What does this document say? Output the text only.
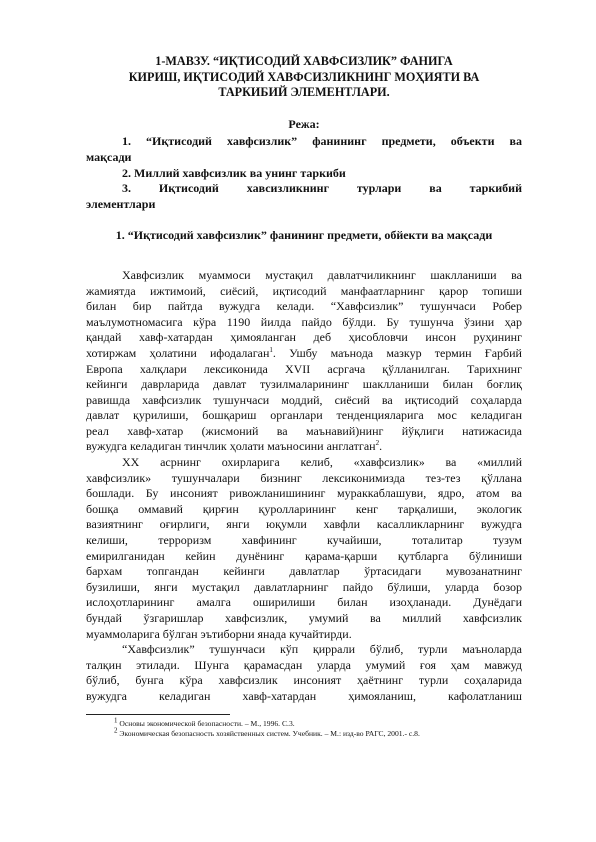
1-МАВЗУ. “ИҚТИСОДИЙ ХАВФСИЗЛИК” ФАНИГА
КИРИШ, ИҚТИСОДИЙ ХАВФСИЗЛИКНИНГ МОҲИЯТИ ВА
ТАРКИБИЙ ЭЛЕМЕНТЛАРИ.
Режа:
1. “Иқтисодий хавфсизлик” фанининг предмети, объекти ва
мақсади
2. Миллий хавфсизлик ва унинг таркиби
3.      Иқтисодий      хавсизликнинг      турлари      ва      таркибий
элементлари
1. “Иқтисодий хавфсизлик” фанининг предмети, обйекти ва мақсади
Хавфсизлик муаммоси мустақил давлатчиликнинг шаклланиши ва
жамиятда ижтимоий, сиёсий, иқтисодий манфаатларнинг қарор топиши
билан бир пайтда вужудга келади. “Хавфсизлик” тушунчаси Робер
маълумотномасига кўра 1190 йилда пайдо бўлди. Бу тушунча ўзини ҳар
қандай хавф-хатардан ҳимояланган деб ҳисобловчи инсон руҳининг
хотиржам ҳолатини ифодалаган$^1$. Ушбу маънода мазкур термин Ғарбий
Европа халқлари лексиконида XVII асргача қўлланилган. Тарихнинг
кейинги даврларида давлат тузилмаларининг шаклланиши билан боғлиқ
равишда хавфсизлик тушунчаси моддий, сиёсий ва иқтисодий соҳаларда
давлат қурилиши, бошқариш органлари тенденцияларига мос келадиган
реал хавф-хатар (жисмоний ва маънавий)нинг йўқлиги натижасида
вужудга келадиган тинчлик ҳолати маъносини англатган$^2$.
XX асрнинг охирларига келиб, «хавфсизлик» ва «миллий
хавфсизлик» тушунчалари бизнинг лексиконимизда тез-тез қўллана
бошлади. Бу инсоният ривожланишининг мураккаблашуви, ядро, атом ва
бошқа оммавий қирғин қуролларининг кенг тарқалиши, экологик
вазиятнинг оғирлиги, янги юқумли хавфли касалликларнинг вужудга
келиши,      терроризм      хавфининг      кучайиши,      тоталитар      тузум
емирилганидан кейин дунёнинг қарама-қарши қутбларга бўлиниши
бархам топгандан кейинги давлатлар ўртасидаги мувозанатнинг
бузилиши, янги мустақил давлатларнинг пайдо бўлиши, уларда бозор
ислоҳотларининг амалга оширилиши билан изоҳланади. Дунёдаги
бундай ўзгаришлар хавфсизлик, умумий ва миллий хавфсизлик
муаммоларига бўлган эътиборни янада кучайтирди.
“Хавфсизлик” тушунчаси кўп қиррали бўлиб, турли маъноларда
талқин этилади. Шунга қарамасдан уларда умумий ғоя ҳам мавжуд
бўлиб, бунга кўра хавфсизлик инсоният ҳаётнинг турли соҳаларида
вужудга      келадиган      хавф-хатардан      ҳимояланиш,      кафолатланиш
$^1$ Основы экономической безопасности. – М., 1996. С.3.
$^2$ Экономическая безопасность хозяйственных систем. Учебник. – М.: изд-во РАГС, 2001.- с.8.
